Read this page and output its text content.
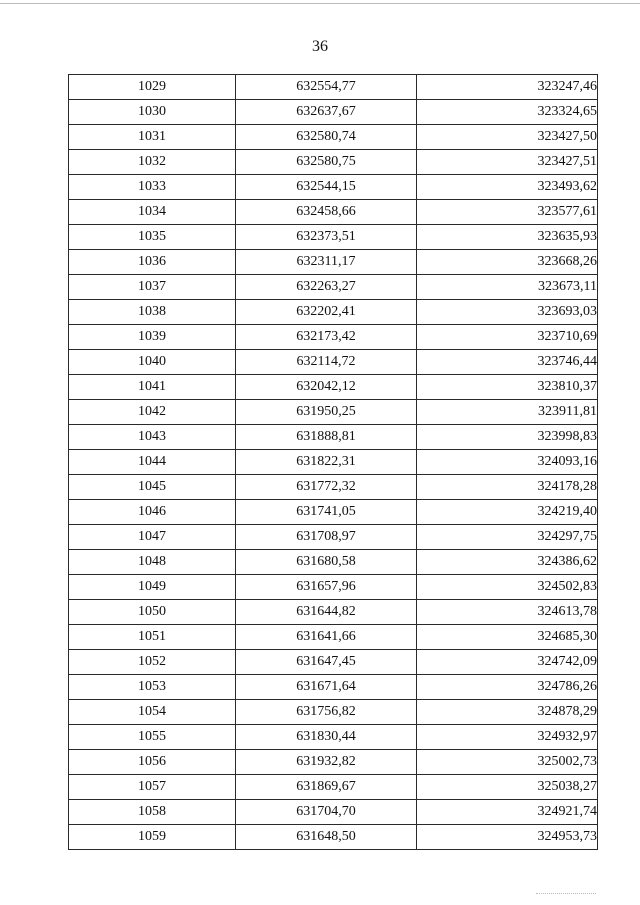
36
1029	632554,77	323247,46
1030	632637,67	323324,65
1031	632580,74	323427,50
1032	632580,75	323427,51
1033	632544,15	323493,62
1034	632458,66	323577,61
1035	632373,51	323635,93
1036	632311,17	323668,26
1037	632263,27	323673,11
1038	632202,41	323693,03
1039	632173,42	323710,69
1040	632114,72	323746,44
1041	632042,12	323810,37
1042	631950,25	323911,81
1043	631888,81	323998,83
1044	631822,31	324093,16
1045	631772,32	324178,28
1046	631741,05	324219,40
1047	631708,97	324297,75
1048	631680,58	324386,62
1049	631657,96	324502,83
1050	631644,82	324613,78
1051	631641,66	324685,30
1052	631647,45	324742,09
1053	631671,64	324786,26
1054	631756,82	324878,29
1055	631830,44	324932,97
1056	631932,82	325002,73
1057	631869,67	325038,27
1058	631704,70	324921,74
1059	631648,50	324953,73
